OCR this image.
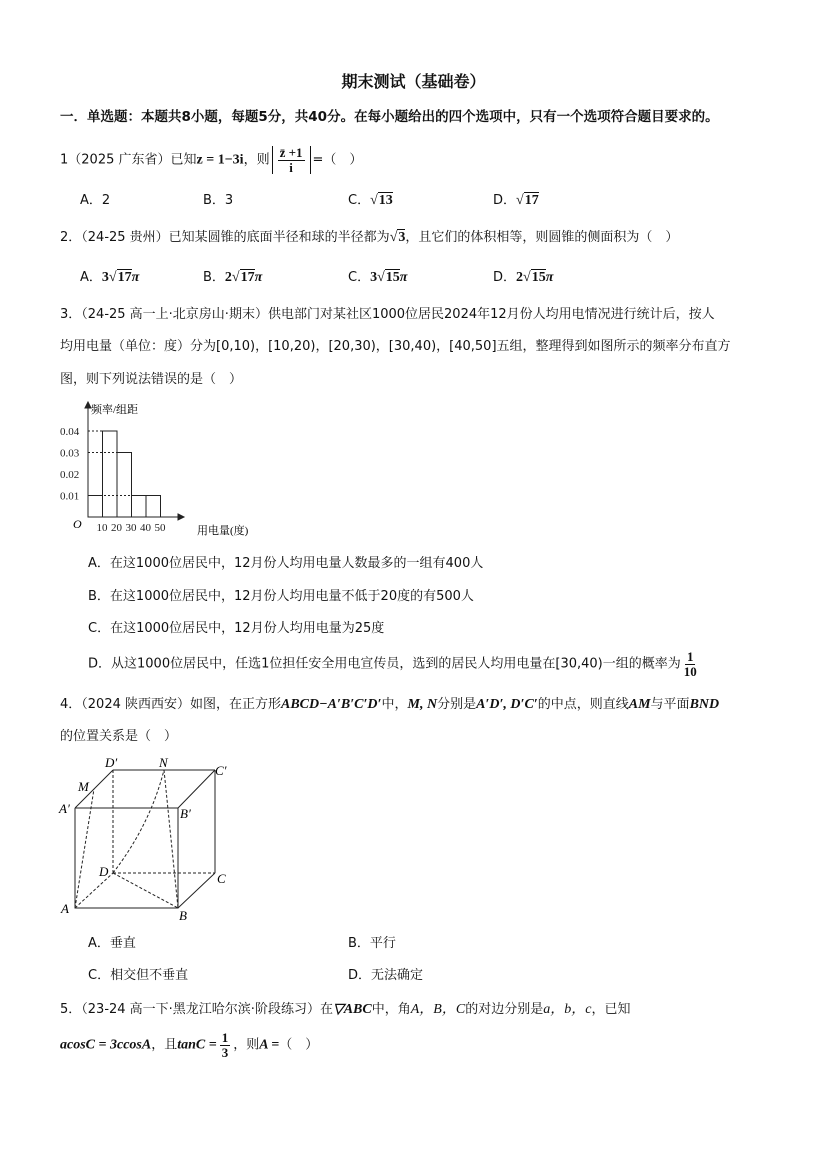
期末测试（基础卷）
一．单选题：本题共8小题，每题5分，共40分。在每小题给出的四个选项中，只有一个选项符合题目要求的。
1（2025 广东省）已知z = 1−3i，则 $\frac{z̄ +1}{i}$ =（　）
A．2	B．3	C．√13	D．√17
2．（24-25 贵州）已知某圆锥的底面半径和球的半径都为√3，且它们的体积相等，则圆锥的侧面积为（　）
A．3√17π	B．2√17π	C．3√15π	D．2√15π
3．（24-25 高一上·北京房山·期末）供电部门对某社区1000位居民2024年12月份人均用电情况进行统计后，按人
均用电量（单位：度）分为[0,10)，[10,20)，[20,30)，[30,40)，[40,50]五组，整理得到如图所示的频率分布直方
图，则下列说法错误的是（　）
频率/组距
用电量(度)
O
0.04
0.03
0.02
0.01
10 20 30 40 50
A．在这1000位居民中，12月份人均用电量人数最多的一组有400人
B．在这1000位居民中，12月份人均用电量不低于20度的有500人
C．在这1000位居民中，12月份人均用电量为25度
D．从这1000位居民中，任选1位担任安全用电宣传员，选到的居民人均用电量在[30,40)一组的概率为 $\frac{1}{10}$
4．（2024 陕西西安）如图，在正方形ABCD−A′B′C′D′中，M, N分别是A′D′, D′C′的中点，则直线AM与平面BND
的位置关系是（　）
A	B
C
D
A′	B′
C′
D′
M
N
A．垂直	B．平行
C．相交但不垂直	D．无法确定
5．（23-24 高一下·黑龙江哈尔滨·阶段练习）在▽ABC中，角A，B，C的对边分别是a，b，c，已知
acosC = 3ccosA，且$\tan C = \frac{1}{3}$ ，则A =（　）
